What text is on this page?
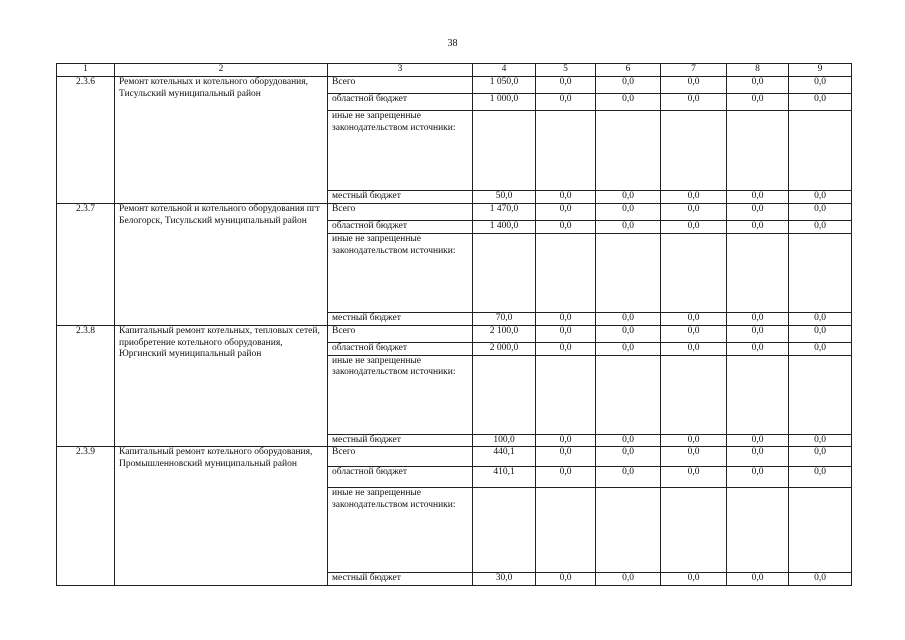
38
1	2	3	4	5	6	7	8	9
2.3.6	Ремонт котельных и котельного оборудования, Тисульский муниципальный район	Всего	1 050,0	0,0	0,0	0,0	0,0	0,0
		областной бюджет	1 000,0	0,0	0,0	0,0	0,0	0,0
		иные не запрещенные законодательством источники:						
		местный бюджет	50,0	0,0	0,0	0,0	0,0	0,0
2.3.7	Ремонт котельной и котельного оборудования пгт Белогорск, Тисульский муниципальный район	Всего	1 470,0	0,0	0,0	0,0	0,0	0,0
		областной бюджет	1 400,0	0,0	0,0	0,0	0,0	0,0
		иные не запрещенные законодательством источники:						
		местный бюджет	70,0	0,0	0,0	0,0	0,0	0,0
2.3.8	Капитальный ремонт котельных, тепловых сетей, приобретение котельного оборудования, Юргинский муниципальный район	Всего	2 100,0	0,0	0,0	0,0	0,0	0,0
		областной бюджет	2 000,0	0,0	0,0	0,0	0,0	0,0
		иные не запрещенные законодательством источники:						
		местный бюджет	100,0	0,0	0,0	0,0	0,0	0,0
2.3.9	Капитальный ремонт котельного оборудования, Промышленновский муниципальный район	Всего	440,1	0,0	0,0	0,0	0,0	0,0
		областной бюджет	410,1	0,0	0,0	0,0	0,0	0,0
		иные не запрещенные законодательством источники:						
		местный бюджет	30,0	0,0	0,0	0,0	0,0	0,0
